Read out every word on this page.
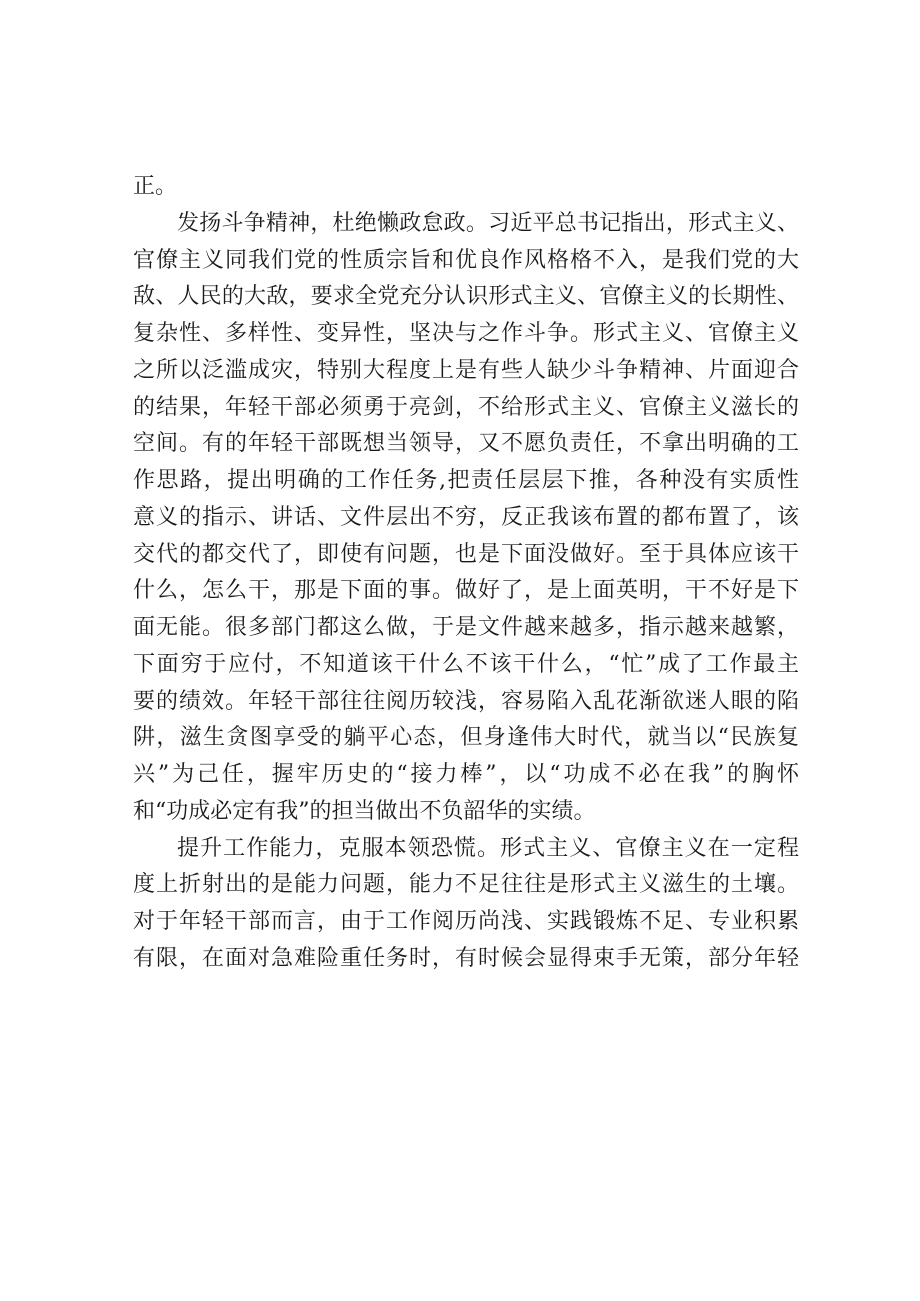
正。
发扬斗争精神，杜绝懒政怠政。习近平总书记指出，形式主义、
官僚主义同我们党的性质宗旨和优良作风格格不入，是我们党的大
敌、人民的大敌，要求全党充分认识形式主义、官僚主义的长期性、
复杂性、多样性、变异性，坚决与之作斗争。形式主义、官僚主义
之所以泛滥成灾，特别大程度上是有些人缺少斗争精神、片面迎合
的结果，年轻干部必须勇于亮剑，不给形式主义、官僚主义滋长的
空间。有的年轻干部既想当领导，又不愿负责任，不拿出明确的工
作思路，提出明确的工作任务,把责任层层下推，各种没有实质性
意义的指示、讲话、文件层出不穷，反正我该布置的都布置了，该
交代的都交代了，即使有问题，也是下面没做好。至于具体应该干
什么，怎么干，那是下面的事。做好了，是上面英明，干不好是下
面无能。很多部门都这么做，于是文件越来越多，指示越来越繁，
下面穷于应付，不知道该干什么不该干什么，“忙”成了工作最主
要的绩效。年轻干部往往阅历较浅，容易陷入乱花渐欲迷人眼的陷
阱，滋生贪图享受的躺平心态，但身逢伟大时代，就当以“民族复
兴”为己任，握牢历史的“接力棒”，以“功成不必在我”的胸怀
和“功成必定有我”的担当做出不负韶华的实绩。
提升工作能力，克服本领恐慌。形式主义、官僚主义在一定程
度上折射出的是能力问题，能力不足往往是形式主义滋生的土壤。
对于年轻干部而言，由于工作阅历尚浅、实践锻炼不足、专业积累
有限，在面对急难险重任务时，有时候会显得束手无策，部分年轻
